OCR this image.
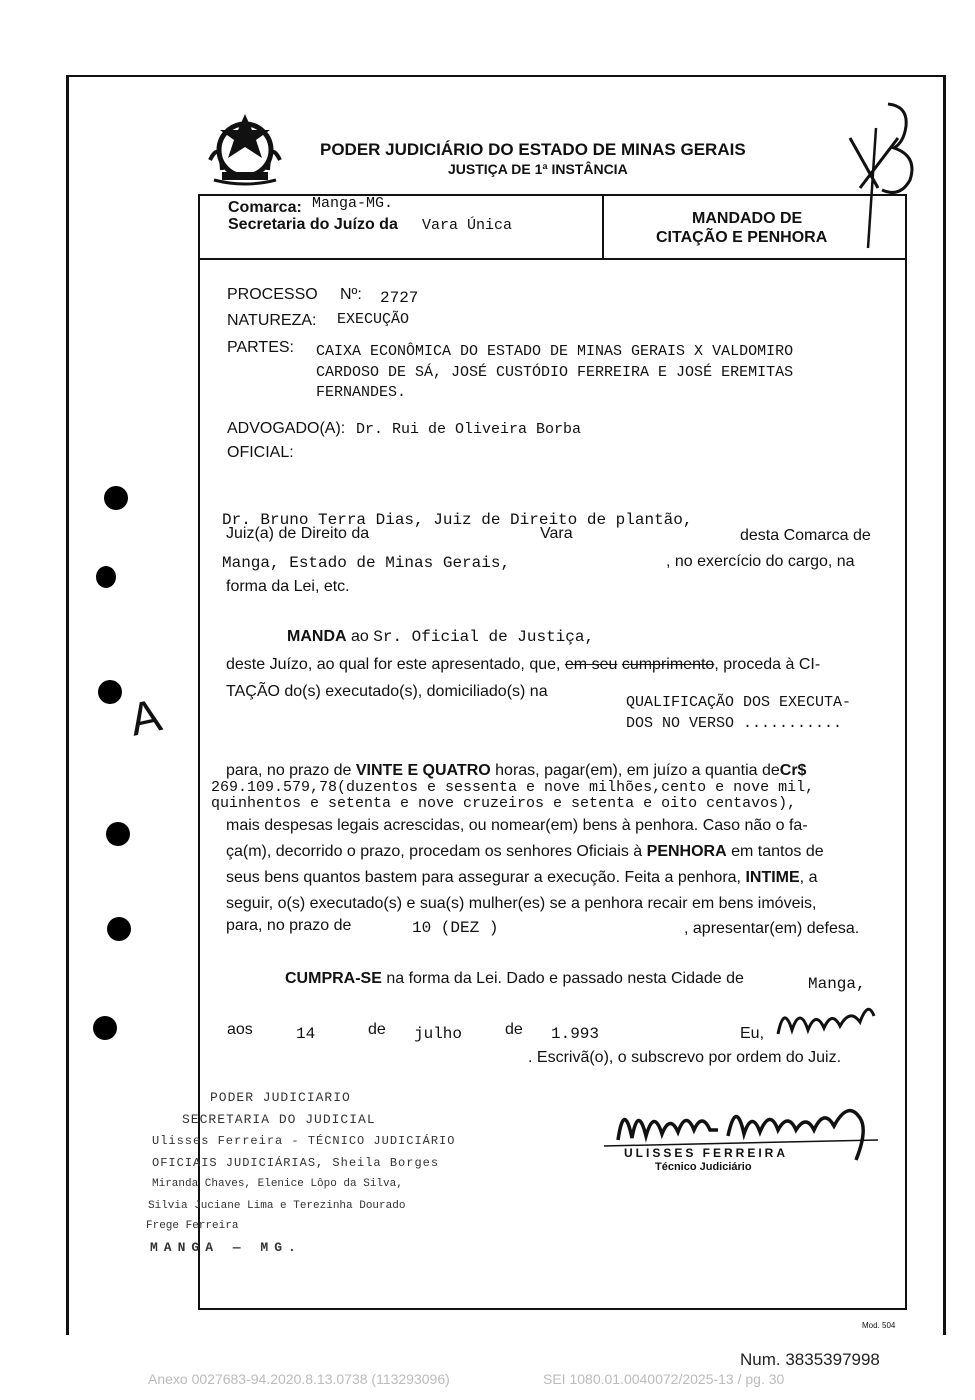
PODER JUDICIÁRIO DO ESTADO DE MINAS GERAIS
JUSTIÇA DE 1ª INSTÂNCIA
Comarca: Manga-MG.
Secretaria do Juízo da Vara Única	MANDADO DE
CITAÇÃO E PENHORA
PROCESSO Nº: 2727
NATUREZA: EXECUÇÃO
PARTES: CAIXA ECONÔMICA DO ESTADO DE MINAS GERAIS X VALDOMIRO
CARDOSO DE SÁ, JOSÉ CUSTÓDIO FERREIRA E JOSÉ EREMITAS
FERNANDES.
ADVOGADO(A): Dr. Rui de Oliveira Borba
OFICIAL:
A
Dr. Bruno Terra Dias, Juiz de Direito de plantão,
Juiz(a) de Direito da	Vara	desta Comarca de
Manga, Estado de Minas Gerais,	, no exercício do cargo, na
forma da Lei, etc.
MANDA ao Sr. Oficial de Justiça,
deste Juízo, ao qual for este apresentado, que, em seu cumprimento, proceda à CI-
TAÇÃO do(s) executado(s), domiciliado(s) na
QUALIFICAÇÃO DOS EXECUTA-
DOS NO VERSO ...........
para, no prazo de VINTE E QUATRO horas, pagar(em), em juízo a quantia deCr$
269.109.579,78(duzentos e sessenta e nove milhões,cento e nove mil,
quinhentos e setenta e nove cruzeiros e setenta e oito centavos),
mais despesas legais acrescidas, ou nomear(em) bens à penhora. Caso não o fa-
ça(m), decorrido o prazo, procedam os senhores Oficiais à PENHORA em tantos de
seus bens quantos bastem para assegurar a execução. Feita a penhora, INTIME, a
seguir, o(s) executado(s) e sua(s) mulher(es) se a penhora recair em bens imóveis,
para, no prazo de	10 (DEZ )	, apresentar(em) defesa.
CUMPRA-SE na forma da Lei. Dado e passado nesta Cidade de	Manga,
aos	14	de julho	de 1.993	Eu,
. Escrivã(o), o subscrevo por ordem do Juiz.
PODER JUDICIARIO
SECRETARIA DO JUDICIAL
Ulisses Ferreira - TÉCNICO JUDICIÁRIO
OFICIAIS JUDICIÁRIAS, Sheila Borges
Miranda Chaves, Elenice Lôpo da Silva,
Silvia Juciane Lima e Terezinha Dourado
Frege Ferreira
MANGA — MG.
ULISSES FERREIRA
Técnico Judiciário
Mod. 504
Num. 3835397998
Anexo 0027683-94.2020.8.13.0738 (113293096)	SEI 1080.01.0040072/2025-13 / pg. 30
